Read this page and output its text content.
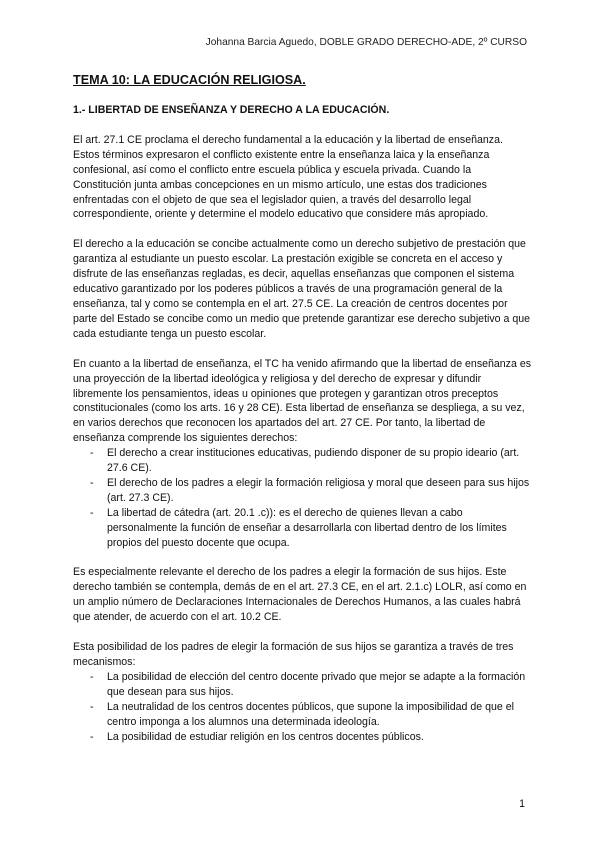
Johanna Barcia Aguedo, DOBLE GRADO DERECHO-ADE, 2º CURSO
TEMA 10: LA EDUCACIÓN RELIGIOSA.
1.- LIBERTAD DE ENSEÑANZA Y DERECHO A LA EDUCACIÓN.

El art. 27.1 CE proclama el derecho fundamental a la educación y la libertad de enseñanza. Estos términos expresaron el conflicto existente entre la enseñanza laica y la enseñanza confesional, así como el conflicto entre escuela pública y escuela privada. Cuando la Constitución junta ambas concepciones en un mismo artículo, une estas dos tradiciones enfrentadas con el objeto de que sea el legislador quien, a través del desarrollo legal correspondiente, oriente y determine el modelo educativo que considere más apropiado.

El derecho a la educación se concibe actualmente como un derecho subjetivo de prestación que garantiza al estudiante un puesto escolar. La prestación exigible se concreta en el acceso y disfrute de las enseñanzas regladas, es decir, aquellas enseñanzas que componen el sistema educativo garantizado por los poderes públicos a través de una programación general de la enseñanza, tal y como se contempla en el art. 27.5 CE. La creación de centros docentes por parte del Estado se concibe como un medio que pretende garantizar ese derecho subjetivo a que cada estudiante tenga un puesto escolar.

En cuanto a la libertad de enseñanza, el TC ha venido afirmando que la libertad de enseñanza es una proyección de la libertad ideológica y religiosa y del derecho de expresar y difundir libremente los pensamientos, ideas u opiniones que protegen y garantizan otros preceptos constitucionales (como los arts. 16 y 28 CE). Esta libertad de enseñanza se despliega, a su vez, en varios derechos que reconocen los apartados del art. 27 CE. Por tanto, la libertad de enseñanza comprende los siguientes derechos:

- El derecho a crear instituciones educativas, pudiendo disponer de su propio ideario (art. 27.6 CE).
- El derecho de los padres a elegir la formación religiosa y moral que deseen para sus hijos (art. 27.3 CE).
- La libertad de cátedra (art. 20.1 .c)): es el derecho de quienes llevan a cabo personalmente la función de enseñar a desarrollarla con libertad dentro de los límites propios del puesto docente que ocupa.

Es especialmente relevante el derecho de los padres a elegir la formación de sus hijos. Este derecho también se contempla, demás de en el art. 27.3 CE, en el art. 2.1.c) LOLR, así como en un amplio número de Declaraciones Internacionales de Derechos Humanos, a las cuales habrá que atender, de acuerdo con el art. 10.2 CE.

Esta posibilidad de los padres de elegir la formación de sus hijos se garantiza a través de tres mecanismos:

- La posibilidad de elección del centro docente privado que mejor se adapte a la formación que desean para sus hijos.
- La neutralidad de los centros docentes públicos, que supone la imposibilidad de que el centro imponga a los alumnos una determinada ideología.
- La posibilidad de estudiar religión en los centros docentes públicos.
1
